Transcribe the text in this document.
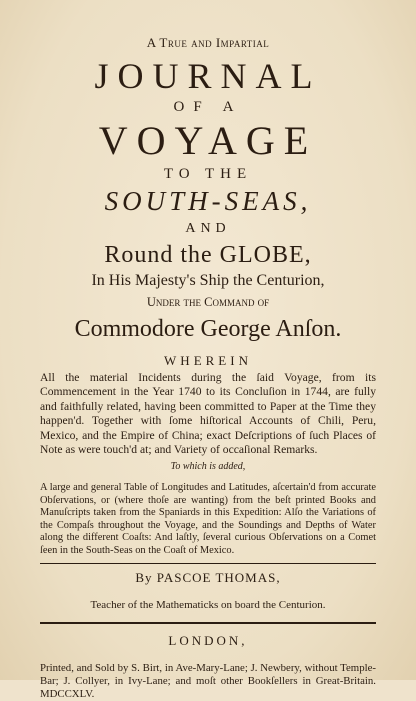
A True and Impartial

JOURNAL

OF A

VOYAGE

TO THE

SOUTH-SEAS,

AND

Round the GLOBE,

In His Majesty's Ship the Centurion,

Under the Command of

Commodore George Anſon.

WHEREIN

All the material Incidents during the ſaid Voyage, from its Commencement in the Year 1740 to its Concluſion in 1744, are fully and faithfully related, having been committed to Paper at the Time they happen'd. Together with ſome hiſtorical Accounts of Chili, Peru, Mexico, and the Empire of China; exact Deſcriptions of ſuch Places of Note as were touch'd at; and Variety of occaſional Remarks.

To which is added,

A large and general Table of Longitudes and Latitudes, aſcertain'd from accurate Obſervations, or (where thoſe are wanting) from the beſt printed Books and Manuſcripts taken from the Spaniards in this Expedition: Alſo the Variations of the Compaſs throughout the Voyage, and the Soundings and Depths of Water along the different Coaſts: And laſtly, ſeveral curious Obſervations on a Comet ſeen in the South-Seas on the Coaſt of Mexico.

By PASCOE THOMAS,

Teacher of the Mathematicks on board the Centurion.

LONDON,

Printed, and Sold by S. Birt, in Ave-Mary-Lane; J. Newbery, without Temple-Bar; J. Collyer, in Ivy-Lane; and moſt other Bookſellers in Great-Britain. MDCCXLV.
